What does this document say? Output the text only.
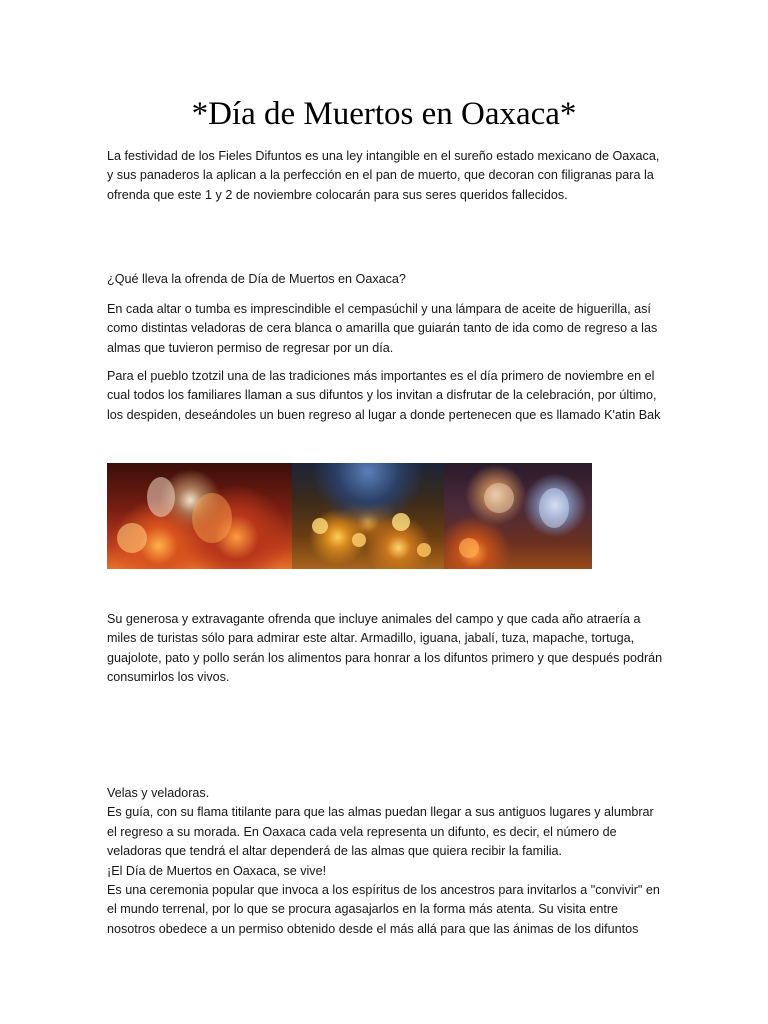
*Día de Muertos en Oaxaca*

La festividad de los Fieles Difuntos es una ley intangible en el sureño estado mexicano de Oaxaca, y sus panaderos la aplican a la perfección en el pan de muerto, que decoran con filigranas para la ofrenda que este 1 y 2 de noviembre colocarán para sus seres queridos fallecidos.

¿Qué lleva la ofrenda de Día de Muertos en Oaxaca?

En cada altar o tumba es imprescindible el cempasúchil y una lámpara de aceite de higuerilla, así como distintas veladoras de cera blanca o amarilla que guiarán tanto de ida como de regreso a las almas que tuvieron permiso de regresar por un día.

Para el pueblo tzotzil una de las tradiciones más importantes es el día primero de noviembre en el cual todos los familiares llaman a sus difuntos y los invitan a disfrutar de la celebración, por último, los despiden, deseándoles un buen regreso al lugar a donde pertenecen que es llamado K'atin Bak

Su generosa y extravagante ofrenda que incluye animales del campo y que cada año atraería a miles de turistas sólo para admirar este altar. Armadillo, iguana, jabalí, tuza, mapache, tortuga, guajolote, pato y pollo serán los alimentos para honrar a los difuntos primero y que después podrán consumirlos los vivos.

Velas y veladoras.
Es guía, con su flama titilante para que las almas puedan llegar a sus antiguos lugares y alumbrar el regreso a su morada. En Oaxaca cada vela representa un difunto, es decir, el número de veladoras que tendrá el altar dependerá de las almas que quiera recibir la familia.
¡El Día de Muertos en Oaxaca, se vive!
Es una ceremonia popular que invoca a los espíritus de los ancestros para invitarlos a "convivir" en el mundo terrenal, por lo que se procura agasajarlos en la forma más atenta. Su visita entre nosotros obedece a un permiso obtenido desde el más allá para que las ánimas de los difuntos
